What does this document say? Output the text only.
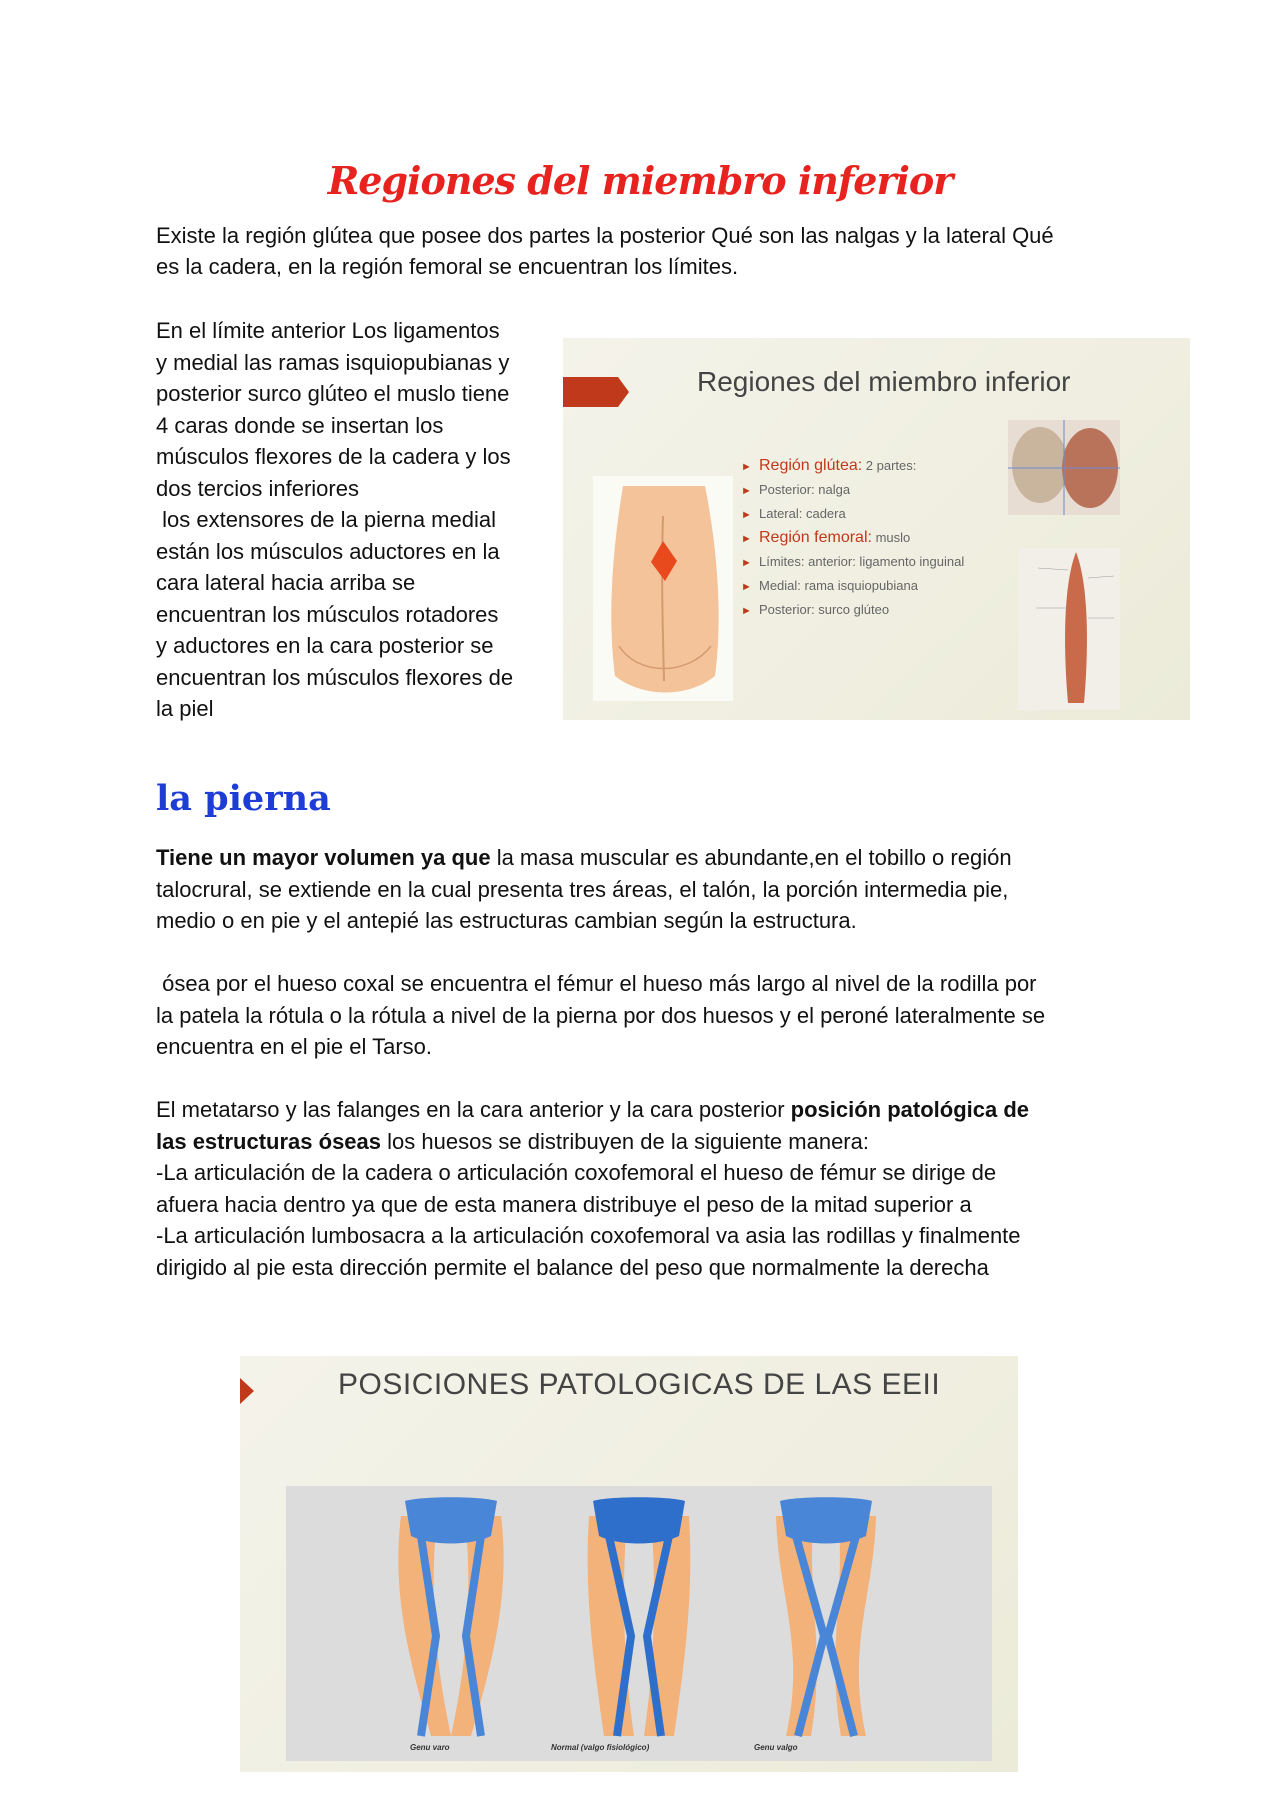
Regiones del miembro inferior

Existe la región glútea que posee dos partes la posterior Qué son las nalgas y la lateral Qué

es la cadera, en la región femoral se encuentran los límites.

En el límite anterior Los ligamentos

y medial las ramas isquiopubianas y

posterior surco glúteo el muslo tiene

4 caras donde se insertan los

músculos flexores de la cadera y los

dos tercios inferiores

los extensores de la pierna medial

están los músculos aductores en la

cara lateral hacia arriba se

encuentran los músculos rotadores

y aductores en la cara posterior se

encuentran los músculos flexores de

la piel

Regiones del miembro inferior
► Región glútea: 2 partes:
► Posterior: nalga
► Lateral: cadera
► Región femoral: muslo
► Límites: anterior: ligamento inguinal
► Medial: rama isquiopubiana
► Posterior: surco glúteo
la pierna

Tiene un mayor volumen ya que la masa muscular es abundante,en el tobillo o región

talocrural, se extiende en la cual presenta tres áreas, el talón, la porción intermedia pie,

medio o en pie y el antepié las estructuras cambian según la estructura.

ósea por el hueso coxal se encuentra el fémur el hueso más largo al nivel de la rodilla por

la patela la rótula o la rótula a nivel de la pierna por dos huesos y el peroné lateralmente se

encuentra en el pie el Tarso.

El metatarso y las falanges en la cara anterior y la cara posterior posición patológica de

las estructuras óseas los huesos se distribuyen de la siguiente manera:

-La articulación de la cadera o articulación coxofemoral el hueso de fémur se dirige de

afuera hacia dentro ya que de esta manera distribuye el peso de la mitad superior a

-La articulación lumbosacra a la articulación coxofemoral va asia las rodillas y finalmente

dirigido al pie esta dirección permite el balance del peso que normalmente la derecha

POSICIONES PATOLOGICAS DE LAS EEII
Genu varo	Normal (valgo fisiológico)	Genu valgo
